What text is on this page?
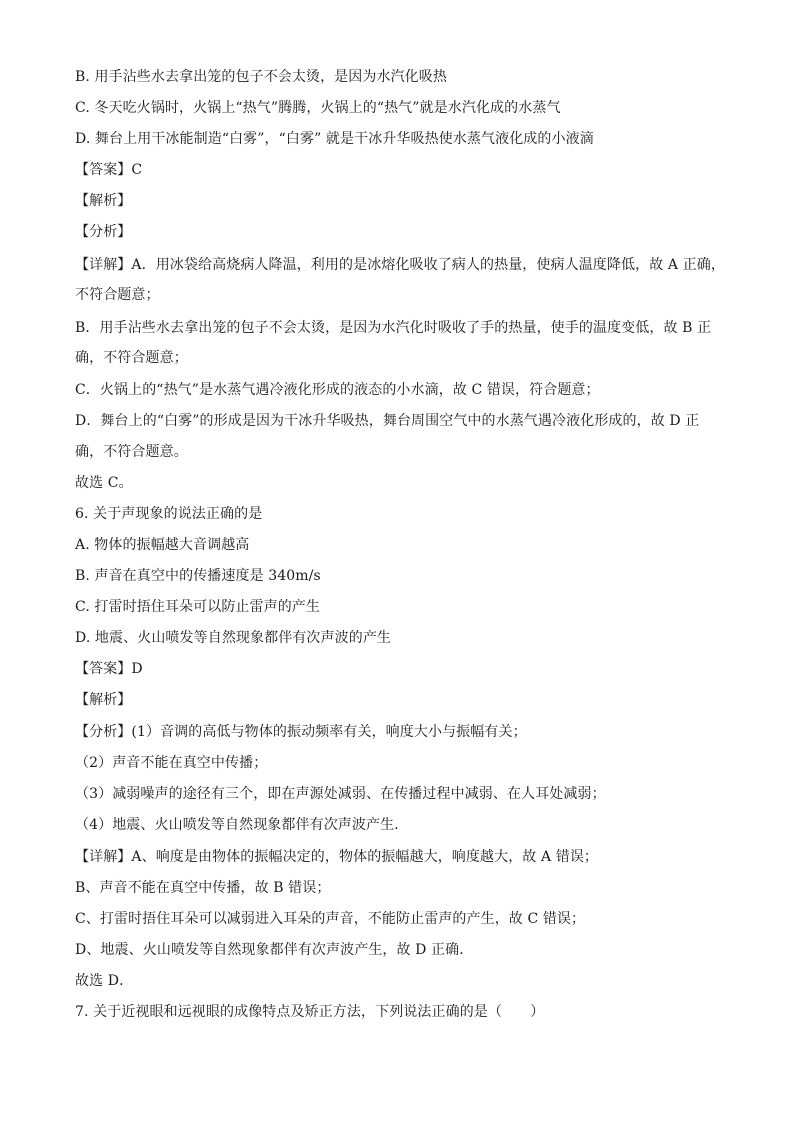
B. 用手沾些水去拿出笼的包子不会太烫，是因为水汽化吸热
C. 冬天吃火锅时，火锅上“热气”腾腾，火锅上的“热气”就是水汽化成的水蒸气
D. 舞台上用干冰能制造“白雾”，“白雾” 就是干冰升华吸热使水蒸气液化成的小液滴
【答案】C
【解析】
【分析】
【详解】A．用冰袋给高烧病人降温，利用的是冰熔化吸收了病人的热量，使病人温度降低，故 A 正确，
不符合题意；
B．用手沾些水去拿出笼的包子不会太烫，是因为水汽化时吸收了手的热量，使手的温度变低，故 B 正
确，不符合题意；
C．火锅上的“热气”是水蒸气遇冷液化形成的液态的小水滴，故 C 错误，符合题意；
D．舞台上的“白雾”的形成是因为干冰升华吸热，舞台周围空气中的水蒸气遇冷液化形成的，故 D 正
确，不符合题意。
故选 C。
6. 关于声现象的说法正确的是
A. 物体的振幅越大音调越高
B. 声音在真空中的传播速度是 340m/s
C. 打雷时捂住耳朵可以防止雷声的产生
D. 地震、火山喷发等自然现象都伴有次声波的产生
【答案】D
【解析】
【分析】(1）音调的高低与物体的振动频率有关，响度大小与振幅有关；
（2）声音不能在真空中传播；
（3）减弱噪声的途径有三个，即在声源处减弱、在传播过程中减弱、在人耳处减弱；
（4）地震、火山喷发等自然现象都伴有次声波产生．
【详解】A、响度是由物体的振幅决定的，物体的振幅越大，响度越大，故 A 错误；
B、声音不能在真空中传播，故 B 错误；
C、打雷时捂住耳朵可以减弱进入耳朵的声音，不能防止雷声的产生，故 C 错误；
D、地震、火山喷发等自然现象都伴有次声波产生，故 D 正确．
故选 D．
7. 关于近视眼和远视眼的成像特点及矫正方法，下列说法正确的是（　　）
